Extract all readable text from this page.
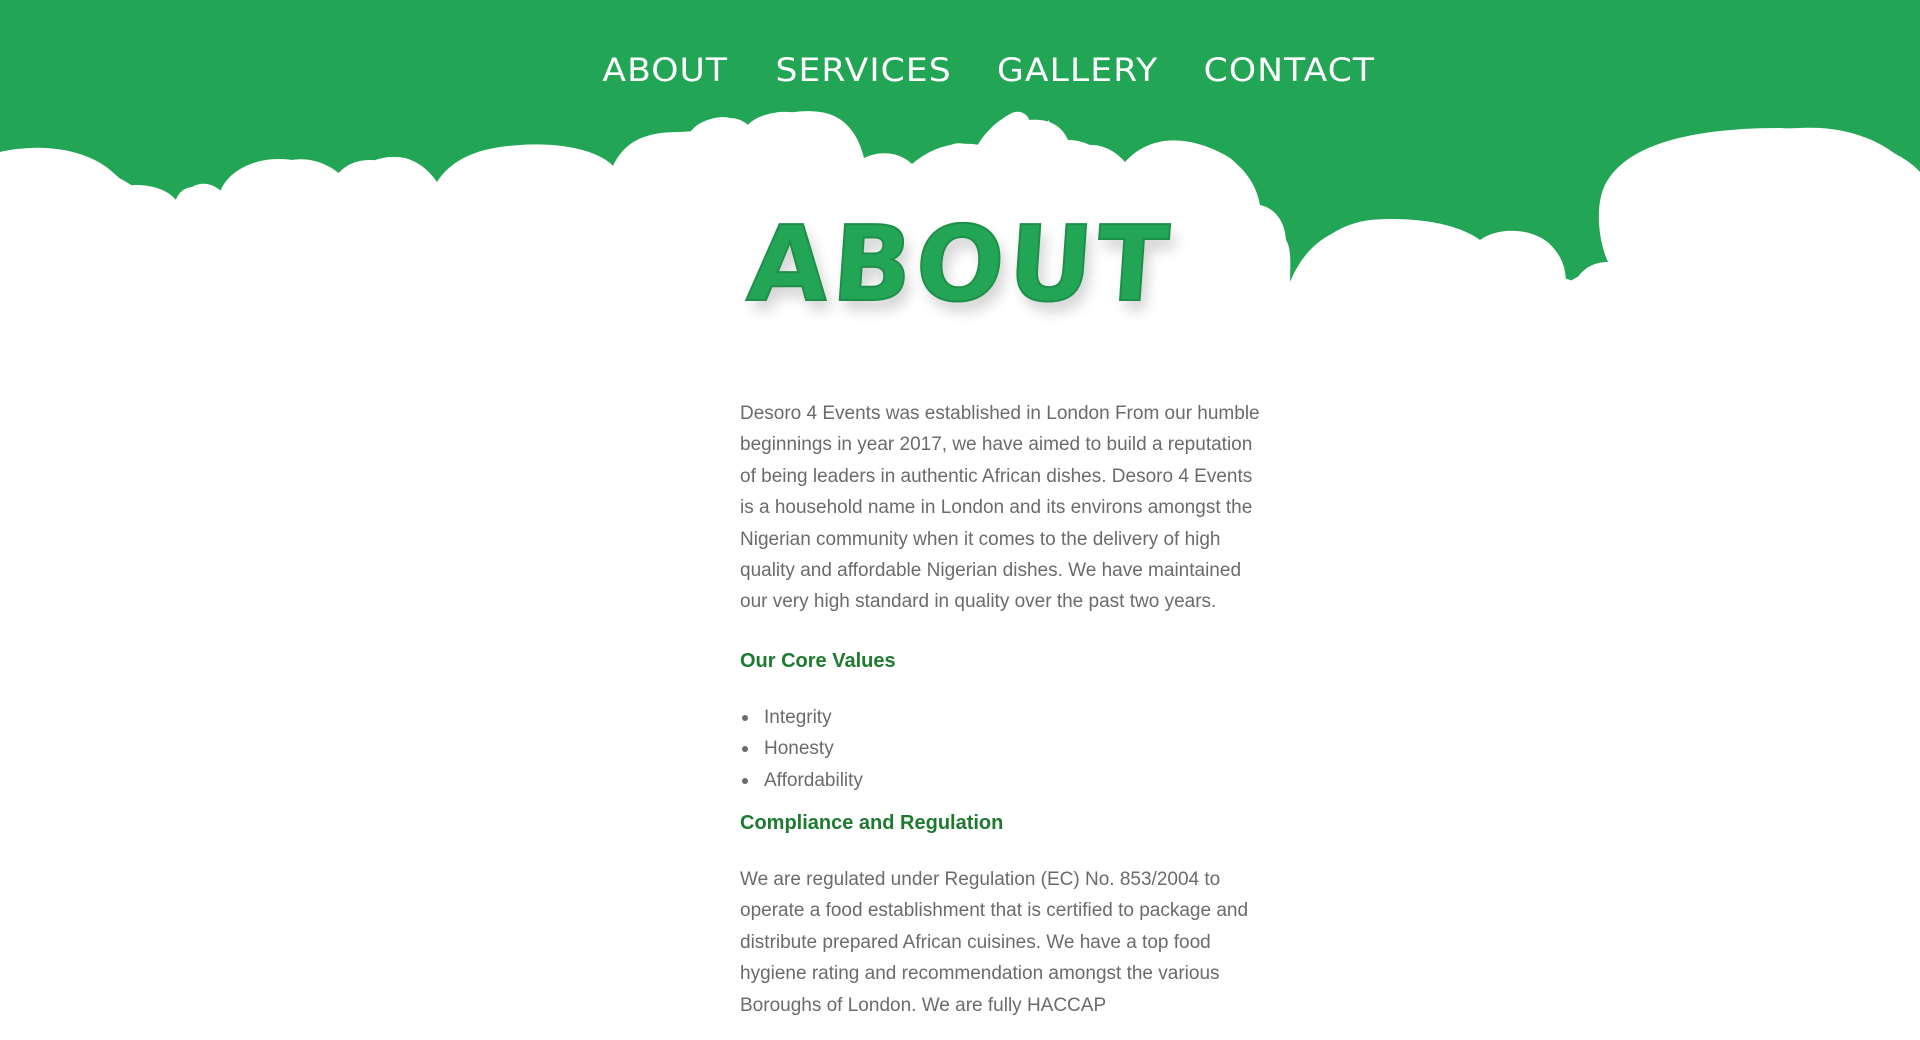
ABOUT SERVICES GALLERY CONTACT
ABOUT

Desoro 4 Events was established in London From our humble beginnings in year 2017, we have aimed to build a reputation of being leaders in authentic African dishes. Desoro 4 Events is a household name in London and its environs amongst the Nigerian community when it comes to the delivery of high quality and affordable Nigerian dishes. We have maintained our very high standard in quality over the past two years.

Our Core Values
Integrity
Honesty
Affordability
Compliance and Regulation

We are regulated under Regulation (EC) No. 853/2004 to operate a food establishment that is certified to package and distribute prepared African cuisines. We have a top food hygiene rating and recommendation amongst the various Boroughs of London. We are fully HACCAP
